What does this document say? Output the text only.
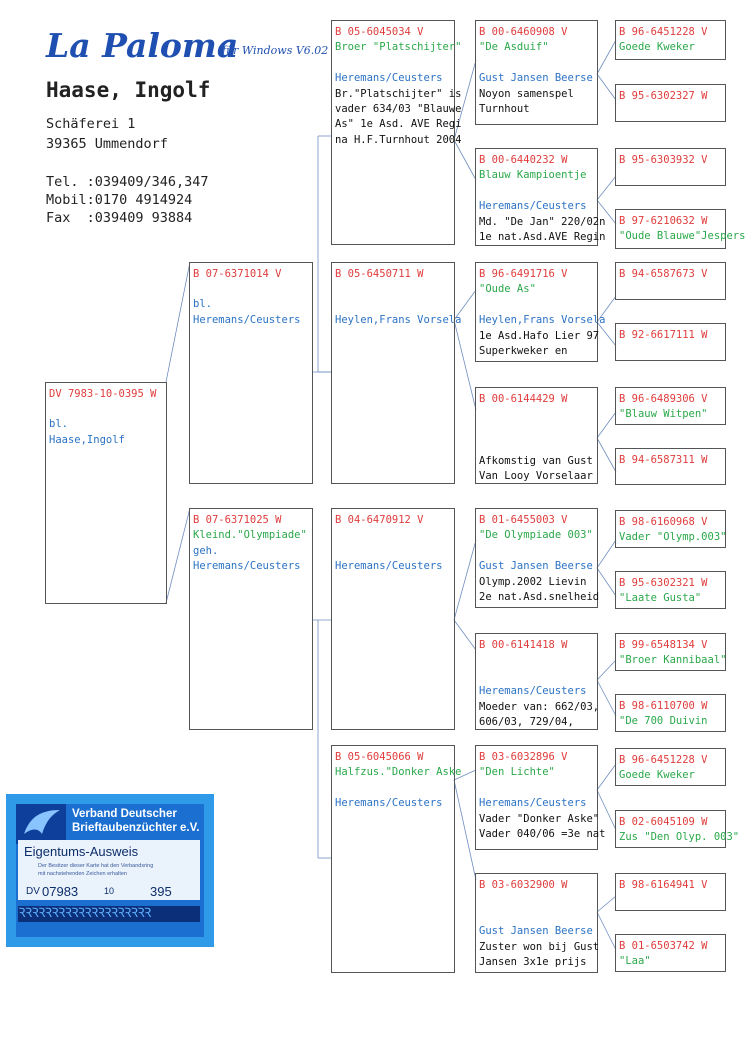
La Paloma
für Windows V6.02
Haase, Ingolf
Schäferei 1
39365 Ummendorf
Tel. :039409/346,347
Mobil:0170 4914924
Fax  :039409 93884
DV 7983-10-0395 W
bl.
Haase,Ingolf
B 07-6371014 V
bl.
Heremans/Ceusters
B 07-6371025 W
Kleind."Olympiade"
geh.
Heremans/Ceusters
B 05-6045034 V
Broer "Platschijter"
Heremans/Ceusters
Br."Platschijter" is
vader 634/03 "Blauwe
As" 1e Asd. AVE Regi
na H.F.Turnhout 2004
B 05-6450711 W
Heylen,Frans Vorsela
B 04-6470912 V
Heremans/Ceusters
B 05-6045066 W
Halfzus."Donker Aske
Heremans/Ceusters
B 00-6460908 V
"De Asduif"
Gust Jansen Beerse
Noyon samenspel
Turnhout
B 00-6440232 W
Blauw Kampioentje
Heremans/Ceusters
Md. "De Jan" 220/02n
1e nat.Asd.AVE Regin
B 96-6491716 V
"Oude As"
Heylen,Frans Vorsela
1e Asd.Hafo Lier 97
Superkweker en
B 00-6144429 W
Afkomstig van Gust
Van Looy Vorselaar
B 01-6455003 V
"De Olympiade 003"
Gust Jansen Beerse
Olymp.2002 Lievin
2e nat.Asd.snelheid
B 00-6141418 W
Heremans/Ceusters
Moeder van: 662/03,
606/03, 729/04,
B 03-6032896 V
"Den Lichte"
Heremans/Ceusters
Vader "Donker Aske"
Vader 040/06 =3e nat
B 03-6032900 W
Gust Jansen Beerse
Zuster won bij Gust
Jansen 3x1e prijs
B 96-6451228 V
Goede Kweker
B 95-6302327 W
B 95-6303932 V
B 97-6210632 W
"Oude Blauwe"Jespers
B 94-6587673 V
B 92-6617111 W
B 96-6489306 V
"Blauw Witpen"
B 94-6587311 W
B 98-6160968 V
Vader "Olymp.003"
B 95-6302321 W
"Laate Gusta"
B 99-6548134 V
"Broer Kannibaal"
B 98-6110700 W
"De 700 Duivin
B 96-6451228 V
Goede Kweker
B 02-6045109 W
Zus "Den Olyp. 003"
B 98-6164941 V
B 01-6503742 W
"Laa"
Verband Deutscher
Brieftaubenzüchter e.V.
Eigentums-Ausweis
Der Besitzer dieser Karte hat den Verbandsring
mit nachstehenden Zeichen erhalten
DV 07983	10	395
ꝚꝚꝚꝚꝚꝚꝚꝚꝚꝚꝚꝚꝚꝚꝚꝚꝚꝚꝚꝚ
